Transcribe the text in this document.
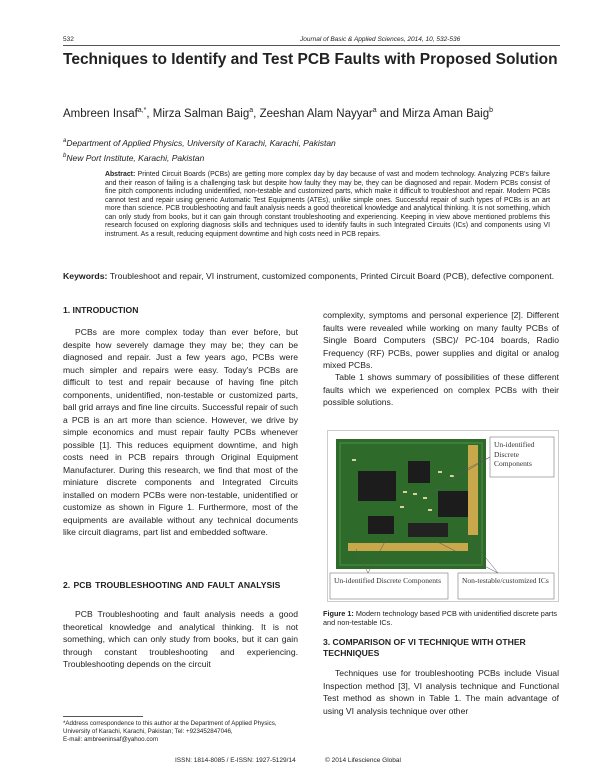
532	Journal of Basic & Applied Sciences, 2014, 10, 532-536
Techniques to Identify and Test PCB Faults with Proposed Solution
Ambreen Insaf$^{a,*}$, Mirza Salman Baig$^a$, Zeeshan Alam Nayyar$^a$ and Mirza Aman Baig$^b$
$^a$Department of Applied Physics, University of Karachi, Karachi, Pakistan
$^b$New Port Institute, Karachi, Pakistan
Abstract: Printed Circuit Boards (PCBs) are getting more complex day by day because of vast and modern technology. Analyzing PCB's failure and their reason of failing is a challenging task but despite how faulty they may be, they can be diagnosed and repair. Modern PCBs consist of fine pitch components including unidentified, non-testable and customized parts, which make it difficult to troubleshoot and repair. Modern PCBs cannot test and repair using generic Automatic Test Equipments (ATEs), unlike simple ones. Successful repair of such types of PCBs is an art more than science. PCB troubleshooting and fault analysis needs a good theoretical knowledge and analytical thinking. It is not something, which can only study from books, but it can gain through constant troubleshooting and experiencing. Keeping in view above mentioned problems this research focused on exploring diagnosis skills and techniques used to identify faults in such Integrated Circuits (ICs) and components using VI instrument. As a result, reducing equipment downtime and high costs need in PCB repairs.
Keywords: Troubleshoot and repair, VI instrument, customized components, Printed Circuit Board (PCB), defective component.
1. INTRODUCTION
PCBs are more complex today than ever before, but despite how severely damage they may be; they can be diagnosed and repair. Just a few years ago, PCBs were much simpler and repairs were easy. Today's PCBs are difficult to test and repair because of having fine pitch components, unidentified, non-testable or customized parts, ball grid arrays and fine line circuits. Successful repair of such a PCB is an art more than science. However, we drive by simple economics and must repair faulty PCBs whenever possible [1]. This reduces equipment downtime, and high costs need in PCB repairs through Original Equipment Manufacturer. During this research, we find that most of the miniature discrete components and Integrated Circuits installed on modern PCBs were non-testable, unidentified or customize as shown in Figure 1. Furthermore, most of the equipments are available without any technical documents like circuit diagrams, part list and embedded software.
2. PCB TROUBLESHOOTING AND FAULT ANALYSIS
PCB Troubleshooting and fault analysis needs a good theoretical knowledge and analytical thinking. It is not something, which can only study from books, but it can gain through constant troubleshooting and experiencing. Troubleshooting depends on the circuit
*Address correspondence to this author at the Department of Applied Physics, University of Karachi, Karachi, Pakistan; Tel: +923452847046,
E-mail: ambreeninsaf@yahoo.com
complexity, symptoms and personal experience [2]. Different faults were revealed while working on many faulty PCBs of Single Board Computers (SBC)/ PC-104 boards, Radio Frequency (RF) PCBs, power supplies and digital or analog mixed PCBs.
Table 1 shows summary of possibilities of these different faults which we experienced on complex PCBs with their possible solutions.
Un-identified Discrete Components
Un-identified Discrete Components	Non-testable/customized ICs
Figure 1: Modern technology based PCB with unidentified discrete parts and non-testable ICs.
3. COMPARISON OF VI TECHNIQUE WITH OTHER TECHNIQUES
Techniques use for troubleshooting PCBs include Visual Inspection method [3], VI analysis technique and Functional Test method as shown in Table 1. The main advantage of using VI analysis technique over other
ISSN: 1814-8085 / E-ISSN: 1927-5129/14	© 2014 Lifescience Global
